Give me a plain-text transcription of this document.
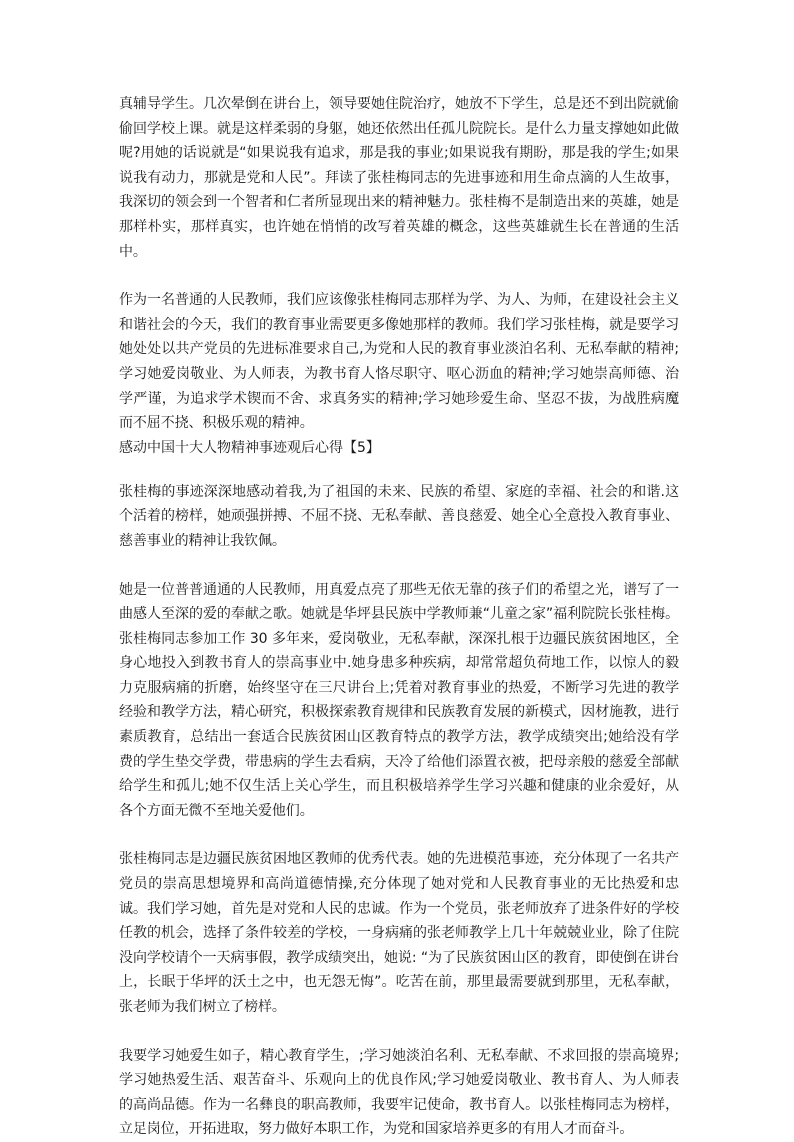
真辅导学生。几次晕倒在讲台上，领导要她住院治疗，她放不下学生，总是还不到出院就偷偷回学校上课。就是这样柔弱的身躯，她还依然出任孤儿院院长。是什么力量支撑她如此做呢?用她的话说就是“如果说我有追求，那是我的事业;如果说我有期盼，那是我的学生;如果说我有动力，那就是党和人民”。拜读了张桂梅同志的先进事迹和用生命点滴的人生故事，我深切的领会到一个智者和仁者所显现出来的精神魅力。张桂梅不是制造出来的英雄，她是那样朴实，那样真实，也许她在悄悄的改写着英雄的概念，这些英雄就生长在普通的生活中。

作为一名普通的人民教师，我们应该像张桂梅同志那样为学、为人、为师，在建设社会主义和谐社会的今天，我们的教育事业需要更多像她那样的教师。我们学习张桂梅，就是要学习她处处以共产党员的先进标准要求自己,为党和人民的教育事业淡泊名利、无私奉献的精神;学习她爱岗敬业、为人师表，为教书育人恪尽职守、呕心沥血的精神;学习她崇高师德、治学严谨，为追求学术锲而不舍、求真务实的精神;学习她珍爱生命、坚忍不拔，为战胜病魔而不屈不挠、积极乐观的精神。

感动中国十大人物精神事迹观后心得【5】

张桂梅的事迹深深地感动着我,为了祖国的未来、民族的希望、家庭的幸福、社会的和谐.这个活着的榜样，她顽强拼搏、不屈不挠、无私奉献、善良慈爱、她全心全意投入教育事业、慈善事业的精神让我钦佩。

她是一位普普通通的人民教师，用真爱点亮了那些无依无靠的孩子们的希望之光，谱写了一曲感人至深的爱的奉献之歌。她就是华坪县民族中学教师兼“儿童之家”福利院院长张桂梅。张桂梅同志参加工作 30 多年来，爱岗敬业，无私奉献，深深扎根于边疆民族贫困地区，全身心地投入到教书育人的崇高事业中.她身患多种疾病，却常常超负荷地工作，以惊人的毅力克服病痛的折磨，始终坚守在三尺讲台上;凭着对教育事业的热爱，不断学习先进的教学经验和教学方法，精心研究，积极探索教育规律和民族教育发展的新模式，因材施教，进行素质教育，总结出一套适合民族贫困山区教育特点的教学方法，教学成绩突出;她给没有学费的学生垫交学费，带患病的学生去看病，天冷了给他们添置衣被，把母亲般的慈爱全部献给学生和孤儿;她不仅生活上关心学生，而且积极培养学生学习兴趣和健康的业余爱好，从各个方面无微不至地关爱他们。

张桂梅同志是边疆民族贫困地区教师的优秀代表。她的先进模范事迹，充分体现了一名共产党员的崇高思想境界和高尚道德情操,充分体现了她对党和人民教育事业的无比热爱和忠诚。我们学习她，首先是对党和人民的忠诚。作为一个党员，张老师放弃了进条件好的学校任教的机会，选择了条件较差的学校，一身病痛的张老师教学上几十年兢兢业业，除了住院没向学校请个一天病事假，教学成绩突出，她说: “为了民族贫困山区的教育，即使倒在讲台上，长眠于华坪的沃土之中，也无怨无悔”。吃苦在前，那里最需要就到那里，无私奉献，张老师为我们树立了榜样。

我要学习她爱生如子，精心教育学生，;学习她淡泊名利、无私奉献、不求回报的崇高境界;学习她热爱生活、艰苦奋斗、乐观向上的优良作风;学习她爱岗敬业、教书育人、为人师表的高尚品德。作为一名彝良的职高教师，我要牢记使命，教书育人。以张桂梅同志为榜样，立足岗位，开拓进取，努力做好本职工作，为党和国家培养更多的有用人才而奋斗。
